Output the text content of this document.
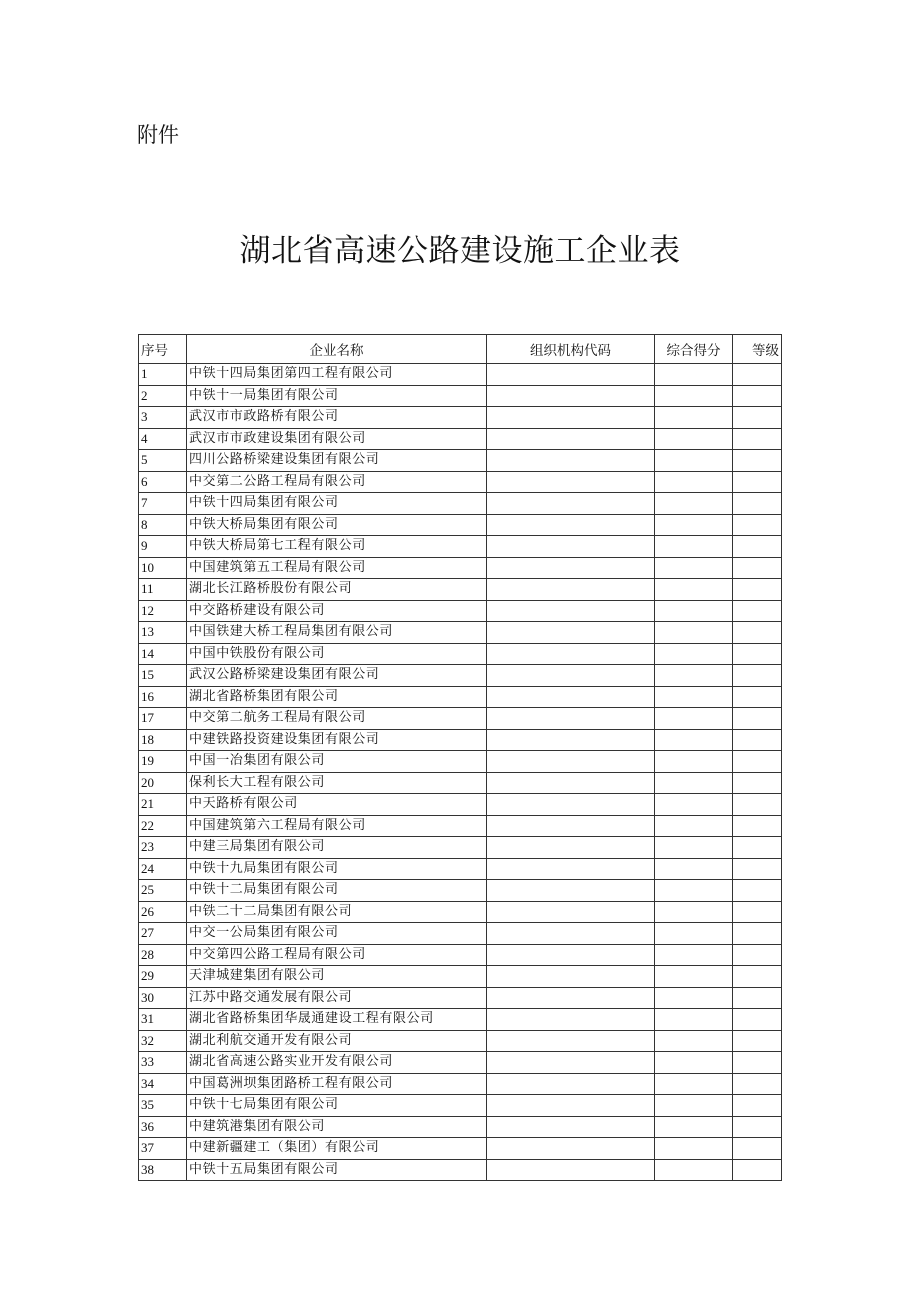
附件
湖北省高速公路建设施工企业表
序号	企业名称	组织机构代码	综合得分	等级
1	中铁十四局集团第四工程有限公司			
2	中铁十一局集团有限公司			
3	武汉市市政路桥有限公司			
4	武汉市市政建设集团有限公司			
5	四川公路桥梁建设集团有限公司			
6	中交第二公路工程局有限公司			
7	中铁十四局集团有限公司			
8	中铁大桥局集团有限公司			
9	中铁大桥局第七工程有限公司			
10	中国建筑第五工程局有限公司			
11	湖北长江路桥股份有限公司			
12	中交路桥建设有限公司			
13	中国铁建大桥工程局集团有限公司			
14	中国中铁股份有限公司			
15	武汉公路桥梁建设集团有限公司			
16	湖北省路桥集团有限公司			
17	中交第二航务工程局有限公司			
18	中建铁路投资建设集团有限公司			
19	中国一冶集团有限公司			
20	保利长大工程有限公司			
21	中天路桥有限公司			
22	中国建筑第六工程局有限公司			
23	中建三局集团有限公司			
24	中铁十九局集团有限公司			
25	中铁十二局集团有限公司			
26	中铁二十二局集团有限公司			
27	中交一公局集团有限公司			
28	中交第四公路工程局有限公司			
29	天津城建集团有限公司			
30	江苏中路交通发展有限公司			
31	湖北省路桥集团华晟通建设工程有限公司			
32	湖北利航交通开发有限公司			
33	湖北省高速公路实业开发有限公司			
34	中国葛洲坝集团路桥工程有限公司			
35	中铁十七局集团有限公司			
36	中建筑港集团有限公司			
37	中建新疆建工（集团）有限公司			
38	中铁十五局集团有限公司			
